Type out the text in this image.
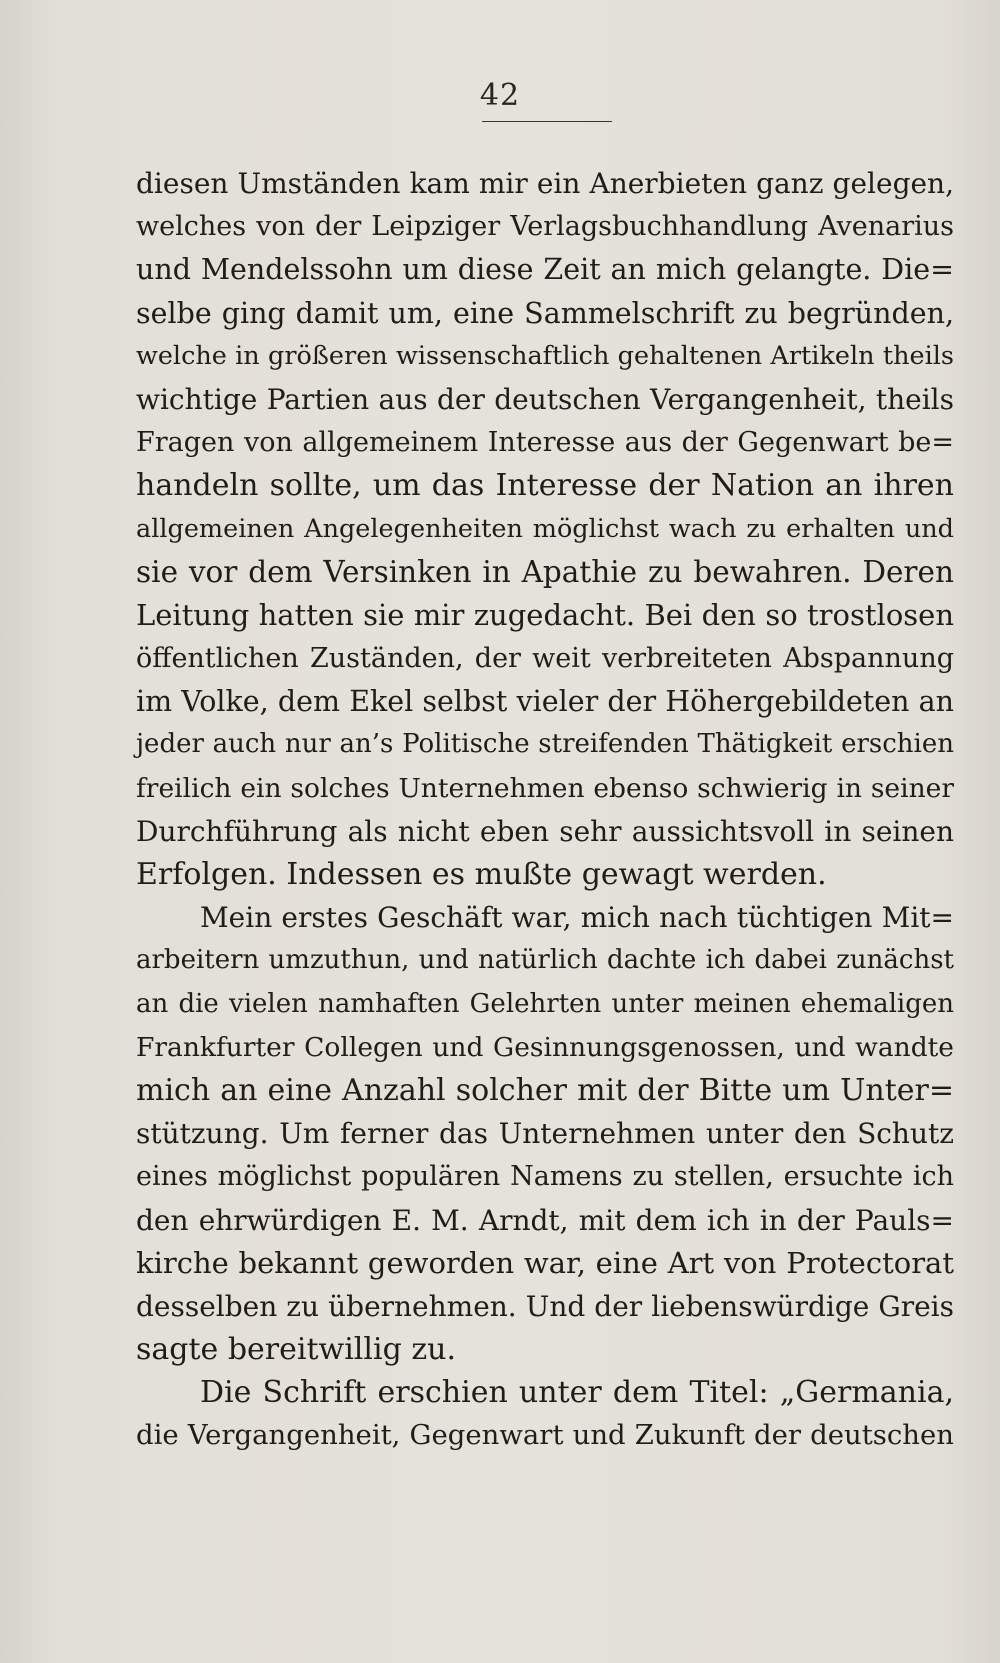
42
diesen Umständen kam mir ein Anerbieten ganz gelegen,
welches von der Leipziger Verlagsbuchhandlung Avenarius
und Mendelssohn um diese Zeit an mich gelangte. Die=
selbe ging damit um, eine Sammelschrift zu begründen,
welche in größeren wissenschaftlich gehaltenen Artikeln theils
wichtige Partien aus der deutschen Vergangenheit, theils
Fragen von allgemeinem Interesse aus der Gegenwart be=
handeln sollte, um das Interesse der Nation an ihren
allgemeinen Angelegenheiten möglichst wach zu erhalten und
sie vor dem Versinken in Apathie zu bewahren. Deren
Leitung hatten sie mir zugedacht. Bei den so trostlosen
öffentlichen Zuständen, der weit verbreiteten Abspannung
im Volke, dem Ekel selbst vieler der Höhergebildeten an
jeder auch nur an’s Politische streifenden Thätigkeit erschien
freilich ein solches Unternehmen ebenso schwierig in seiner
Durchführung als nicht eben sehr aussichtsvoll in seinen
Erfolgen. Indessen es mußte gewagt werden.
Mein erstes Geschäft war, mich nach tüchtigen Mit=
arbeitern umzuthun, und natürlich dachte ich dabei zunächst
an die vielen namhaften Gelehrten unter meinen ehemaligen
Frankfurter Collegen und Gesinnungsgenossen, und wandte
mich an eine Anzahl solcher mit der Bitte um Unter=
stützung. Um ferner das Unternehmen unter den Schutz
eines möglichst populären Namens zu stellen, ersuchte ich
den ehrwürdigen E. M. Arndt, mit dem ich in der Pauls=
kirche bekannt geworden war, eine Art von Protectorat
desselben zu übernehmen. Und der liebenswürdige Greis
sagte bereitwillig zu.
Die Schrift erschien unter dem Titel: „Germania,
die Vergangenheit, Gegenwart und Zukunft der deutschen
